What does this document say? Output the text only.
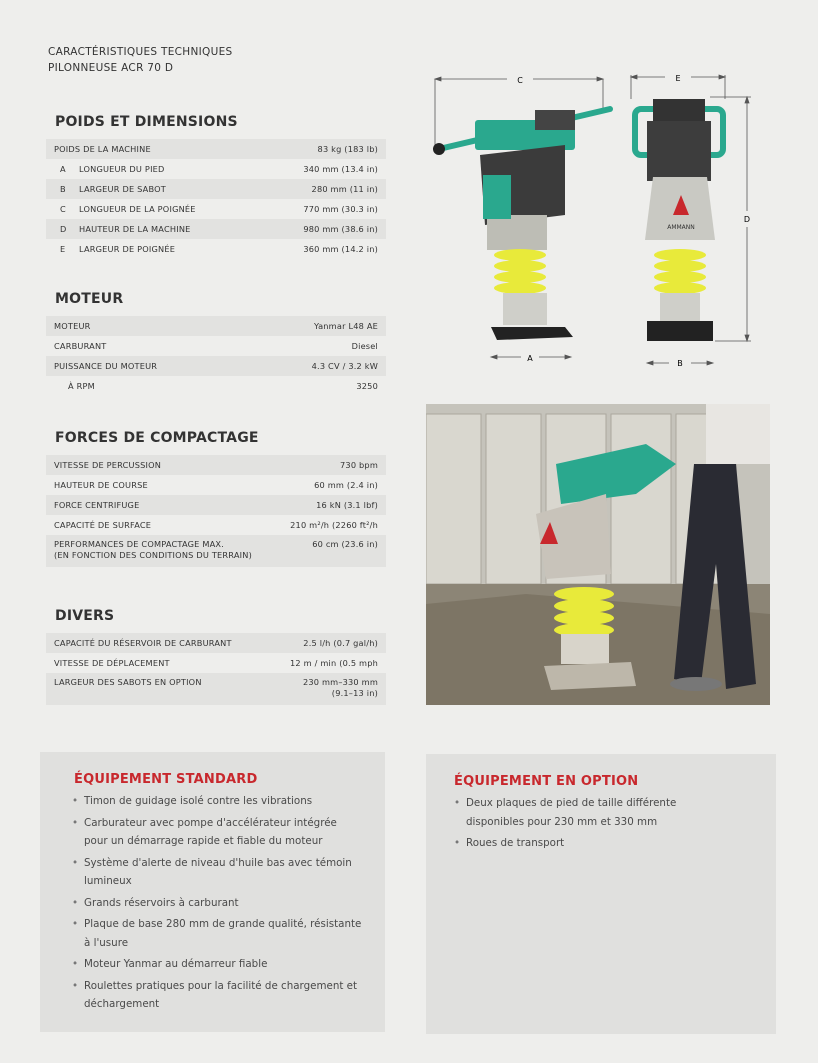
CARACTÉRISTIQUES TECHNIQUES
PILONNEUSE ACR 70 D
POIDS ET DIMENSIONS
POIDS DE LA MACHINE	83 kg (183 lb)
A	LONGUEUR DU PIED	340 mm (13.4 in)
B	LARGEUR DE SABOT	280 mm (11 in)
C	LONGUEUR DE LA POIGNÉE	770 mm (30.3 in)
D	HAUTEUR DE LA MACHINE	980 mm (38.6 in)
E	LARGEUR DE POIGNÉE	360 mm (14.2 in)
MOTEUR
MOTEUR	Yanmar L48 AE
CARBURANT	Diesel
PUISSANCE DU MOTEUR	4.3 CV / 3.2 kW
À RPM	3250
FORCES DE COMPACTAGE
VITESSE DE PERCUSSION	730 bpm
HAUTEUR DE COURSE	60 mm (2.4 in)
FORCE CENTRIFUGE	16 kN (3.1 lbf)
CAPACITÉ DE SURFACE	210 m²/h (2260 ft²/h
PERFORMANCES DE COMPACTAGE MAX.
(EN FONCTION DES CONDITIONS DU TERRAIN)
60 cm (23.6 in)
DIVERS
CAPACITÉ DU RÉSERVOIR DE CARBURANT	2.5 l/h (0.7 gal/h)
VITESSE DE DÉPLACEMENT	12 m / min (0.5 mph
LARGEUR DES SABOTS EN OPTION	230 mm–330 mm
(9.1–13 in)
C
A
E
AMMANN
D
B
ÉQUIPEMENT STANDARD
• Timon de guidage isolé contre les vibrations
• Carburateur avec pompe d'accélérateur intégrée pour un démarrage rapide et fiable du moteur
• Système d'alerte de niveau d'huile bas avec témoin lumineux
• Grands réservoirs à carburant
• Plaque de base 280 mm de grande qualité, résistante à l'usure
• Moteur Yanmar au démarreur fiable
• Roulettes pratiques pour la facilité de chargement et déchargement
ÉQUIPEMENT EN OPTION
• Deux plaques de pied de taille différente disponibles pour 230 mm et 330 mm
• Roues de transport
